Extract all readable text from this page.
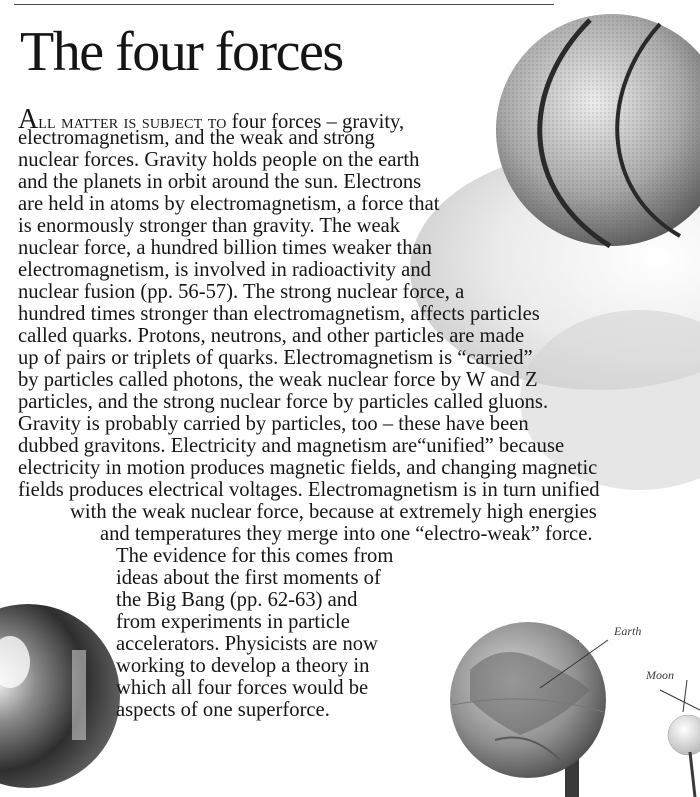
Earth
Moon
The four forces
All matter is subject to four forces – gravity,
electromagnetism, and the weak and strong
nuclear forces. Gravity holds people on the earth
and the planets in orbit around the sun. Electrons
are held in atoms by electromagnetism, a force that
is enormously stronger than gravity. The weak
nuclear force, a hundred billion times weaker than
electromagnetism, is involved in radioactivity and
nuclear fusion (pp. 56-57). The strong nuclear force, a
hundred times stronger than electromagnetism, affects particles
called quarks. Protons, neutrons, and other particles are made
up of pairs or triplets of quarks. Electromagnetism is “carried”
by particles called photons, the weak nuclear force by W and Z
particles, and the strong nuclear force by particles called gluons.
Gravity is probably carried by particles, too – these have been
dubbed gravitons. Electricity and magnetism are“unified” because
electricity in motion produces magnetic fields, and changing magnetic
fields produces electrical voltages. Electromagnetism is in turn unified
with the weak nuclear force, because at extremely high energies
and temperatures they merge into one “electro-weak” force.
The evidence for this comes from
ideas about the first moments of
the Big Bang (pp. 62-63) and
from experiments in particle
accelerators. Physicists are now
working to develop a theory in
which all four forces would be
aspects of one superforce.
